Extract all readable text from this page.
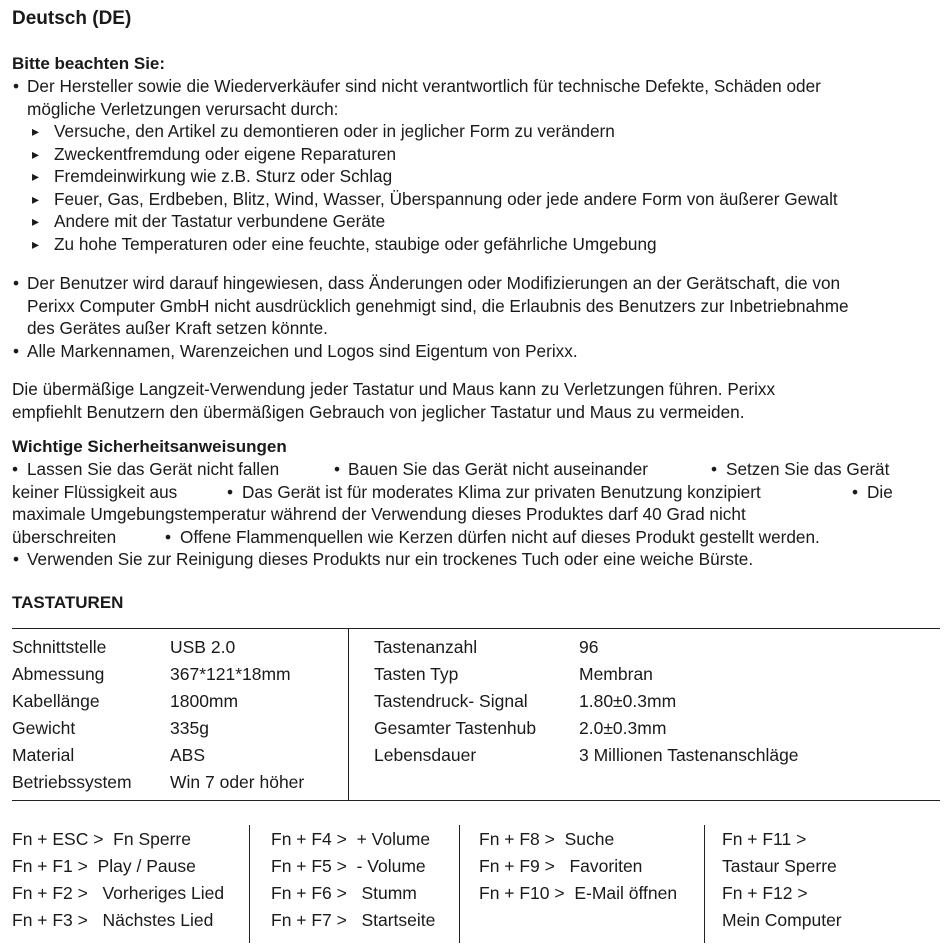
Deutsch (DE)
Bitte beachten Sie:
• Der Hersteller sowie die Wiederverkäufer sind nicht verantwortlich für technische Defekte, Schäden oder
mögliche Verletzungen verursacht durch:
▸ Versuche, den Artikel zu demontieren oder in jeglicher Form zu verändern
▸ Zweckentfremdung oder eigene Reparaturen
▸ Fremdeinwirkung wie z.B. Sturz oder Schlag
▸ Feuer, Gas, Erdbeben, Blitz, Wind, Wasser, Überspannung oder jede andere Form von äußerer Gewalt
▸ Andere mit der Tastatur verbundene Geräte
▸ Zu hohe Temperaturen oder eine feuchte, staubige oder gefährliche Umgebung
• Der Benutzer wird darauf hingewiesen, dass Änderungen oder Modifizierungen an der Gerätschaft, die von
Perixx Computer GmbH nicht ausdrücklich genehmigt sind, die Erlaubnis des Benutzers zur Inbetriebnahme
des Gerätes außer Kraft setzen könnte.
• Alle Markennamen, Warenzeichen und Logos sind Eigentum von Perixx.
Die übermäßige Langzeit-Verwendung jeder Tastatur und Maus kann zu Verletzungen führen. Perixx
empfiehlt Benutzern den übermäßigen Gebrauch von jeglicher Tastatur und Maus zu vermeiden.
Wichtige Sicherheitsanweisungen
• Lassen Sie das Gerät nicht fallen	• Bauen Sie das Gerät nicht auseinander	• Setzen Sie das Gerät
keiner Flüssigkeit aus	• Das Gerät ist für moderates Klima zur privaten Benutzung konzipiert	• Die
maximale Umgebungstemperatur während der Verwendung dieses Produktes darf 40 Grad nicht
überschreiten	• Offene Flammenquellen wie Kerzen dürfen nicht auf dieses Produkt gestellt werden.
• Verwenden Sie zur Reinigung dieses Produkts nur ein trockenes Tuch oder eine weiche Bürste.
TASTATUREN
Schnittstelle	USB 2.0
Abmessung	367*121*18mm
Kabellänge	1800mm
Gewicht	335g
Material	ABS
Betriebssystem Win 7 oder höher
Tastenanzahl	96
Tasten Typ	Membran
Tastendruck- Signal	1.80±0.3mm
Gesamter Tastenhub 2.0±0.3mm
Lebensdauer	3 Millionen Tastenanschläge
Fn + ESC >  Fn Sperre
Fn + F1 >  Play / Pause
Fn + F2 >   Vorheriges Lied
Fn + F3 >   Nächstes Lied
Fn + F4 >  + Volume
Fn + F5 >  - Volume
Fn + F6 >   Stumm
Fn + F7 >   Startseite
Fn + F8 >  Suche
Fn + F9 >   Favoriten
Fn + F10 >  E-Mail öffnen
Fn + F11 >
Tastaur Sperre
Fn + F12 >
Mein Computer
